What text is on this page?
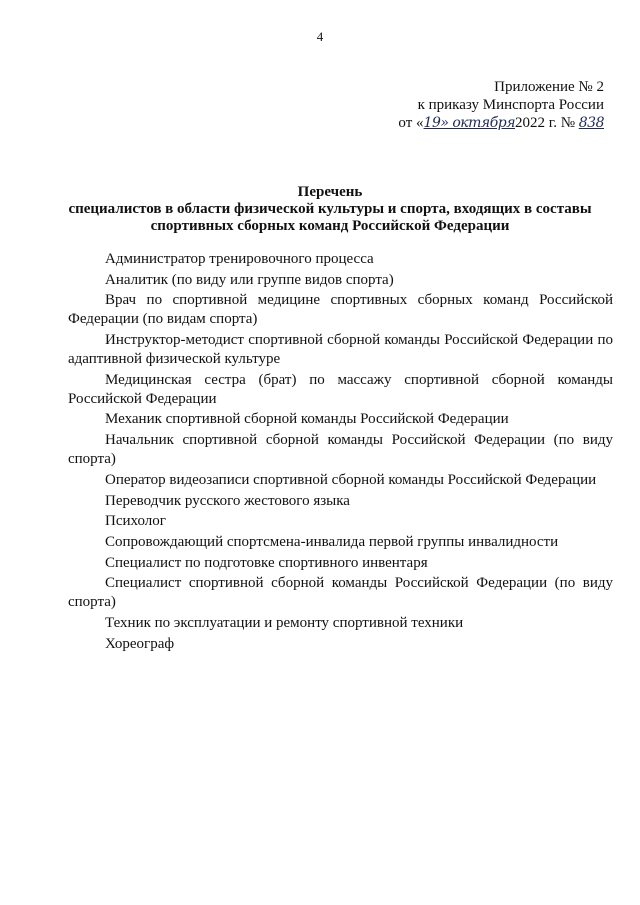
4
Приложение № 2
к приказу Минспорта России
от «19» октября2022 г. № 838
Перечень
специалистов в области физической культуры и спорта, входящих в составы
спортивных сборных команд Российской Федерации
Администратор тренировочного процесса
Аналитик (по виду или группе видов спорта)
Врач по спортивной медицине спортивных сборных команд Российской Федерации (по видам спорта)
Инструктор-методист спортивной сборной команды Российской Федерации по адаптивной физической культуре
Медицинская сестра (брат) по массажу спортивной сборной команды Российской Федерации
Механик спортивной сборной команды Российской Федерации
Начальник спортивной сборной команды Российской Федерации (по виду спорта)
Оператор видеозаписи спортивной сборной команды Российской Федерации
Переводчик русского жестового языка
Психолог
Сопровождающий спортсмена-инвалида первой группы инвалидности
Специалист по подготовке спортивного инвентаря
Специалист спортивной сборной команды Российской Федерации (по виду спорта)
Техник по эксплуатации и ремонту спортивной техники
Хореограф
